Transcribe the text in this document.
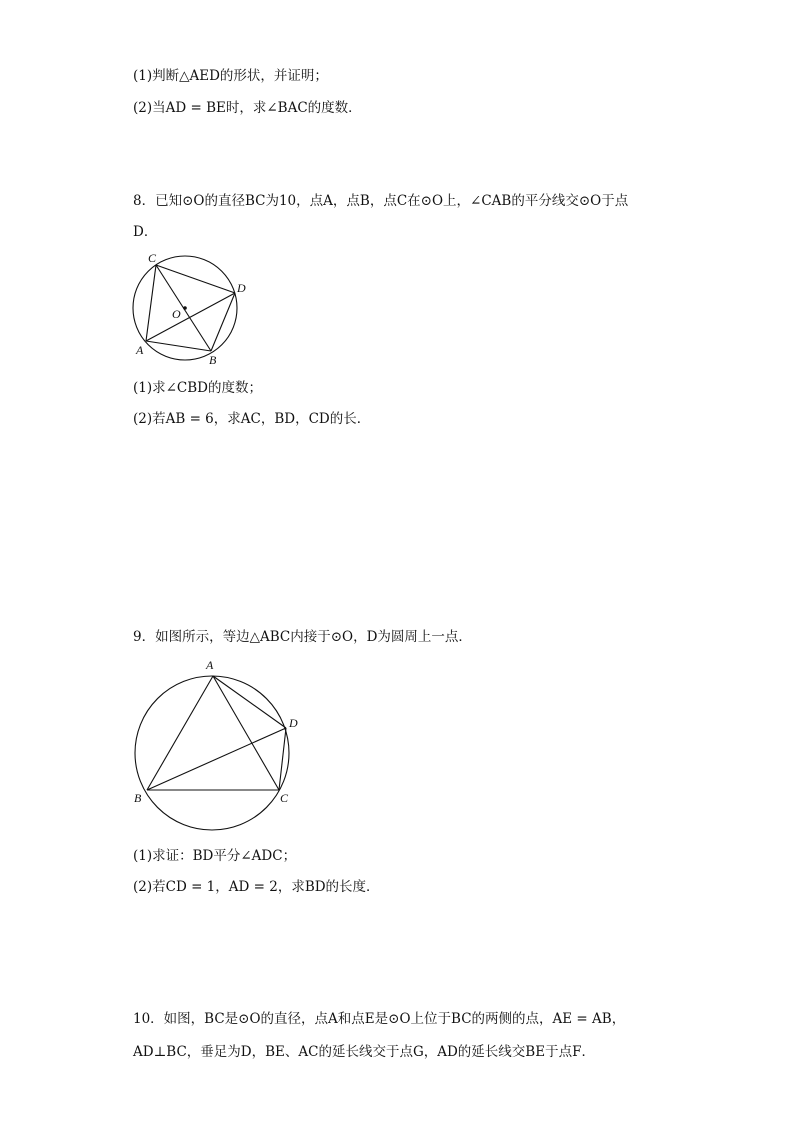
(1)判断△AED的形状，并证明；
(2)当AD = BE时，求∠BAC的度数．
8．已知⊙O的直径BC为10，点A，点B，点C在⊙O上，∠CAB的平分线交⊙O于点
D．
C
D
O
A
B
A
D
B	C
(1)求∠CBD的度数；
(2)若AB = 6，求AC，BD，CD的长．
9．如图所示，等边△ABC内接于⊙O，D为圆周上一点．
(1)求证：BD平分∠ADC；
(2)若CD = 1，AD = 2，求BD的长度．
10．如图，BC是⊙O的直径，点A和点E是⊙O上位于BC的两侧的点，AE = AB，
AD⊥BC，垂足为D，BE、AC的延长线交于点G，AD的延长线交BE于点F．
